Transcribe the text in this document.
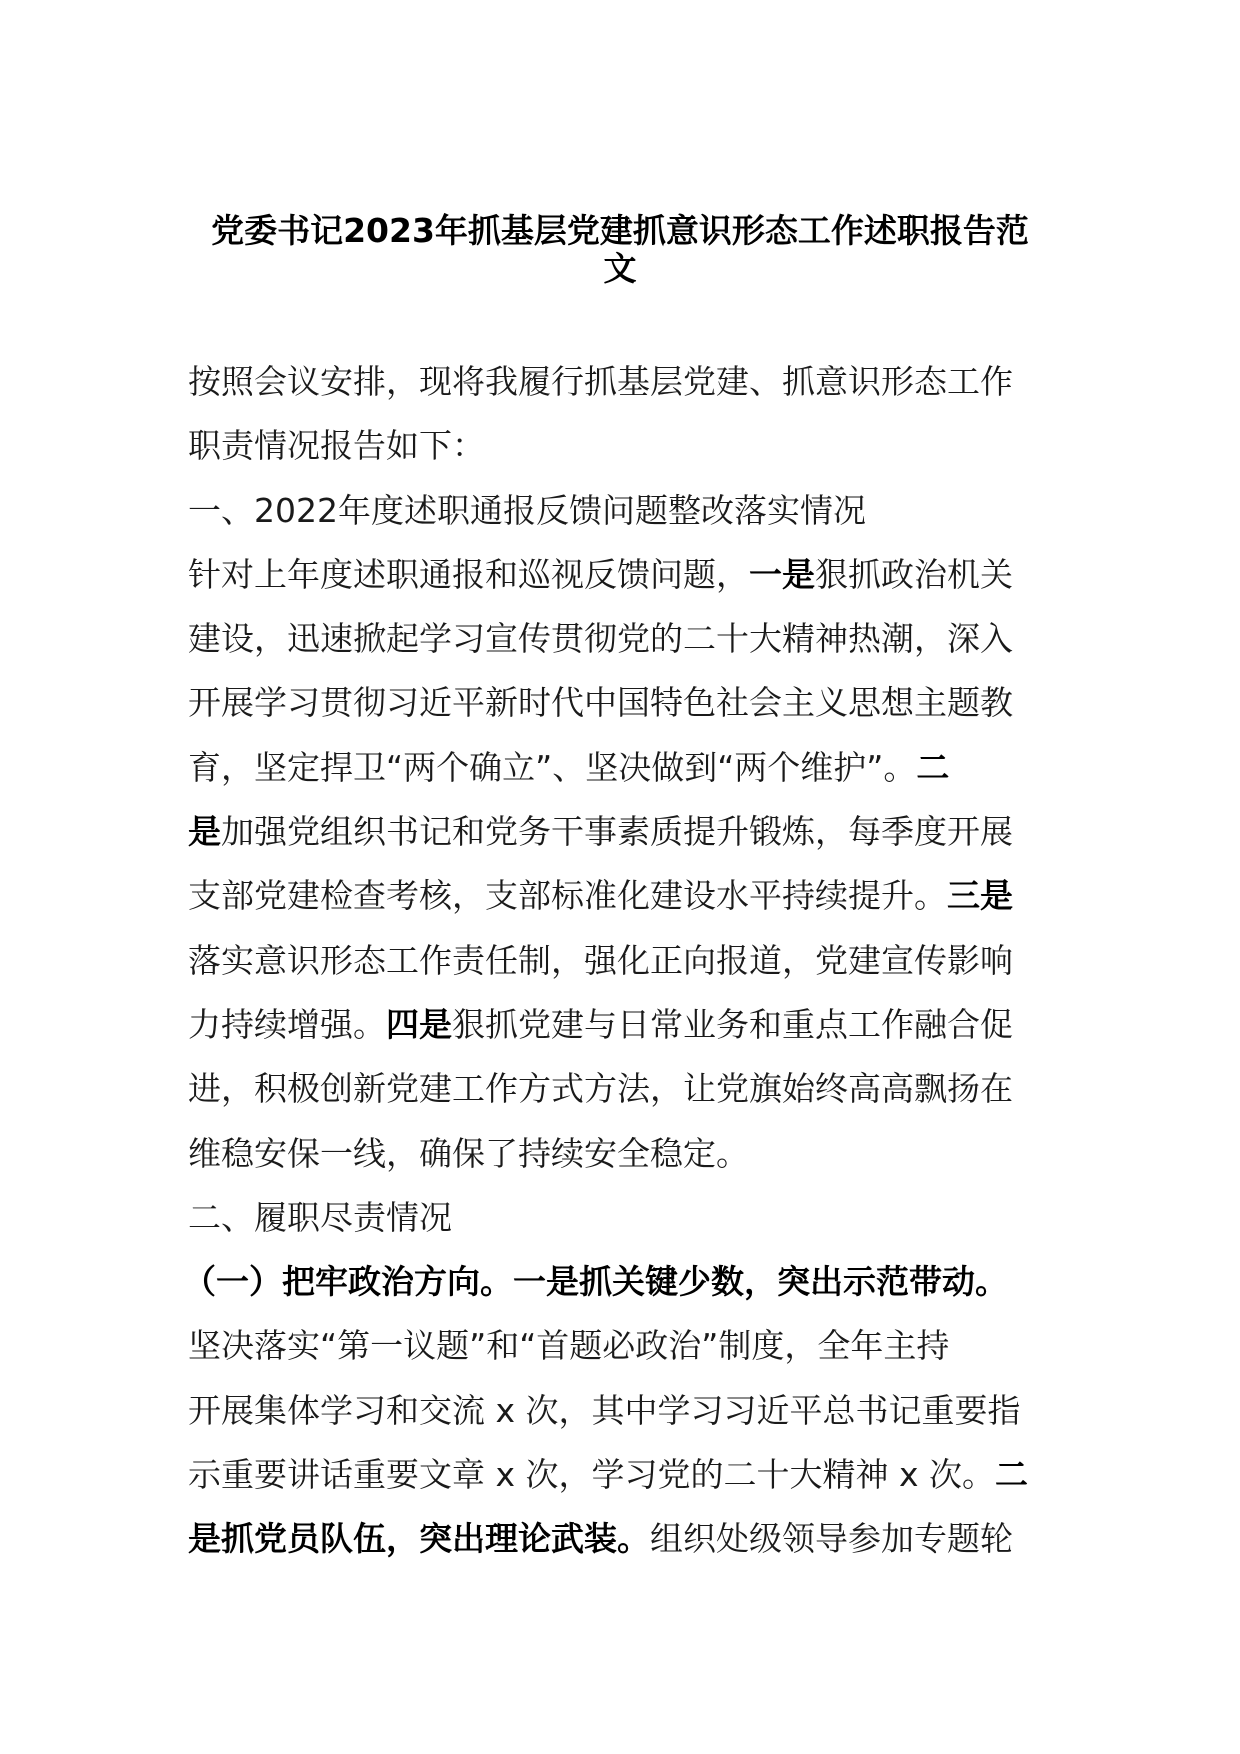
党委书记2023年抓基层党建抓意识形态工作述职报告范
文
按照会议安排，现将我履行抓基层党建、抓意识形态工作
职责情况报告如下：
一、2022年度述职通报反馈问题整改落实情况
针对上年度述职通报和巡视反馈问题，一是狠抓政治机关
建设，迅速掀起学习宣传贯彻党的二十大精神热潮，深入
开展学习贯彻习近平新时代中国特色社会主义思想主题教
育，坚定捍卫“两个确立”、坚决做到“两个维护”。二
是加强党组织书记和党务干事素质提升锻炼，每季度开展
支部党建检查考核，支部标准化建设水平持续提升。三是
落实意识形态工作责任制，强化正向报道，党建宣传影响
力持续增强。四是狠抓党建与日常业务和重点工作融合促
进，积极创新党建工作方式方法，让党旗始终高高飘扬在
维稳安保一线，确保了持续安全稳定。
二、履职尽责情况
（一）把牢政治方向。一是抓关键少数，突出示范带动。
坚决落实“第一议题”和“首题必政治”制度，全年主持
开展集体学习和交流 x 次，其中学习习近平总书记重要指
示重要讲话重要文章 x 次，学习党的二十大精神 x 次。二
是抓党员队伍，突出理论武装。组织处级领导参加专题轮
